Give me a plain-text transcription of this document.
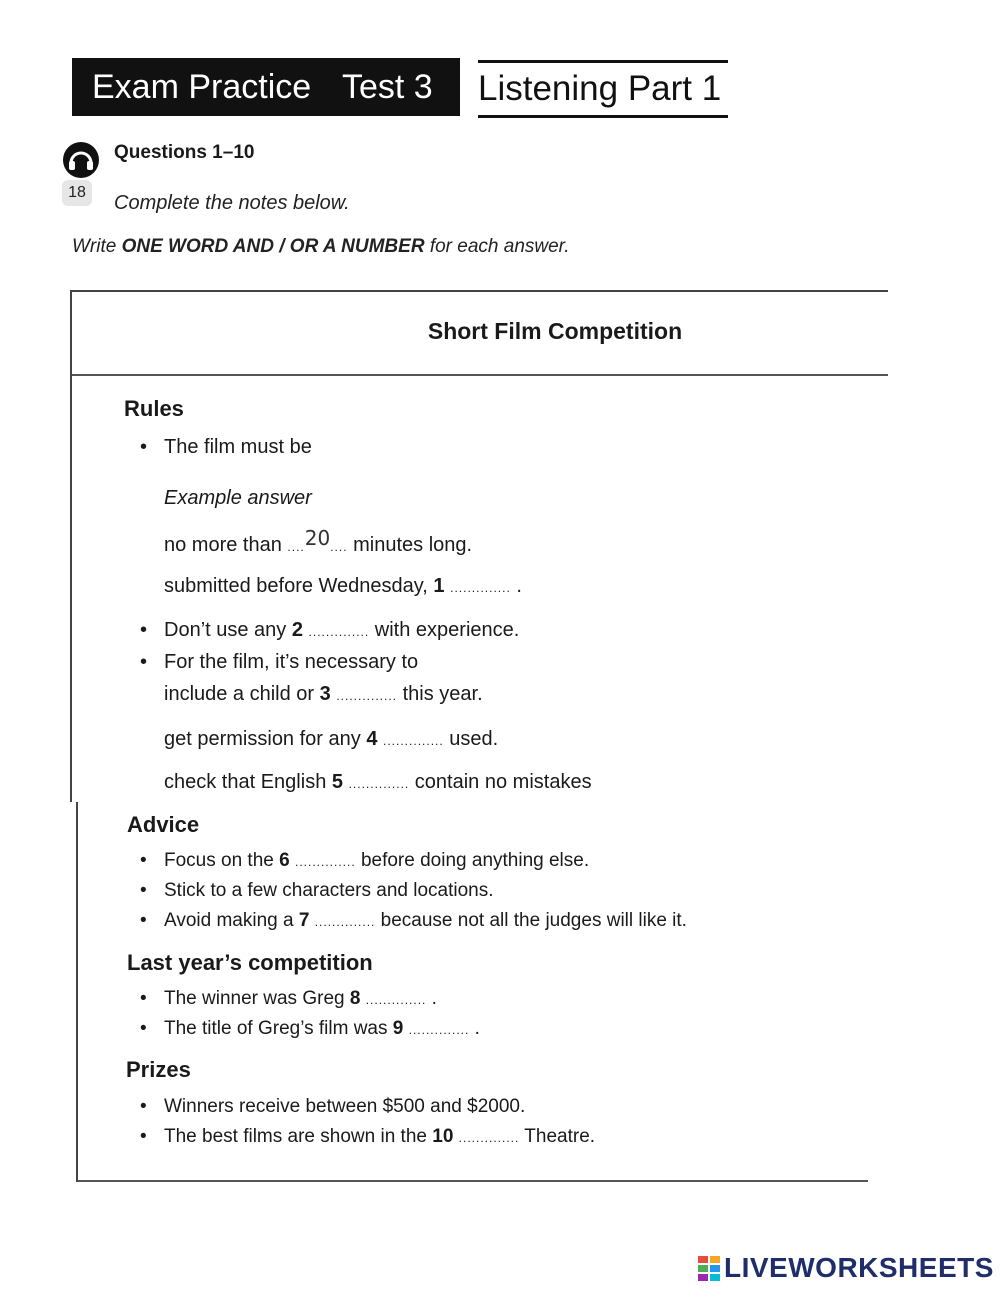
Exam Practice Test 3 Listening Part 1
18
Questions 1–10
Complete the notes below.
Write ONE WORD AND / OR A NUMBER for each answer.
Short Film Competition
Rules
• The film must be
Example answer
no more than ....20.... minutes long.
submitted before Wednesday, 1 .............. .
• Don’t use any 2 .............. with experience.
• For the film, it’s necessary to
include a child or 3 .............. this year.
get permission for any 4 .............. used.
check that English 5 .............. contain no mistakes
Advice
• Focus on the 6 .............. before doing anything else.
• Stick to a few characters and locations.
• Avoid making a 7 .............. because not all the judges will like it.
Last year’s competition
• The winner was Greg 8 .............. .
• The title of Greg’s film was 9 .............. .
Prizes
• Winners receive between $500 and $2000.
• The best films are shown in the 10 .............. Theatre.
LIVEWORKSHEETS
